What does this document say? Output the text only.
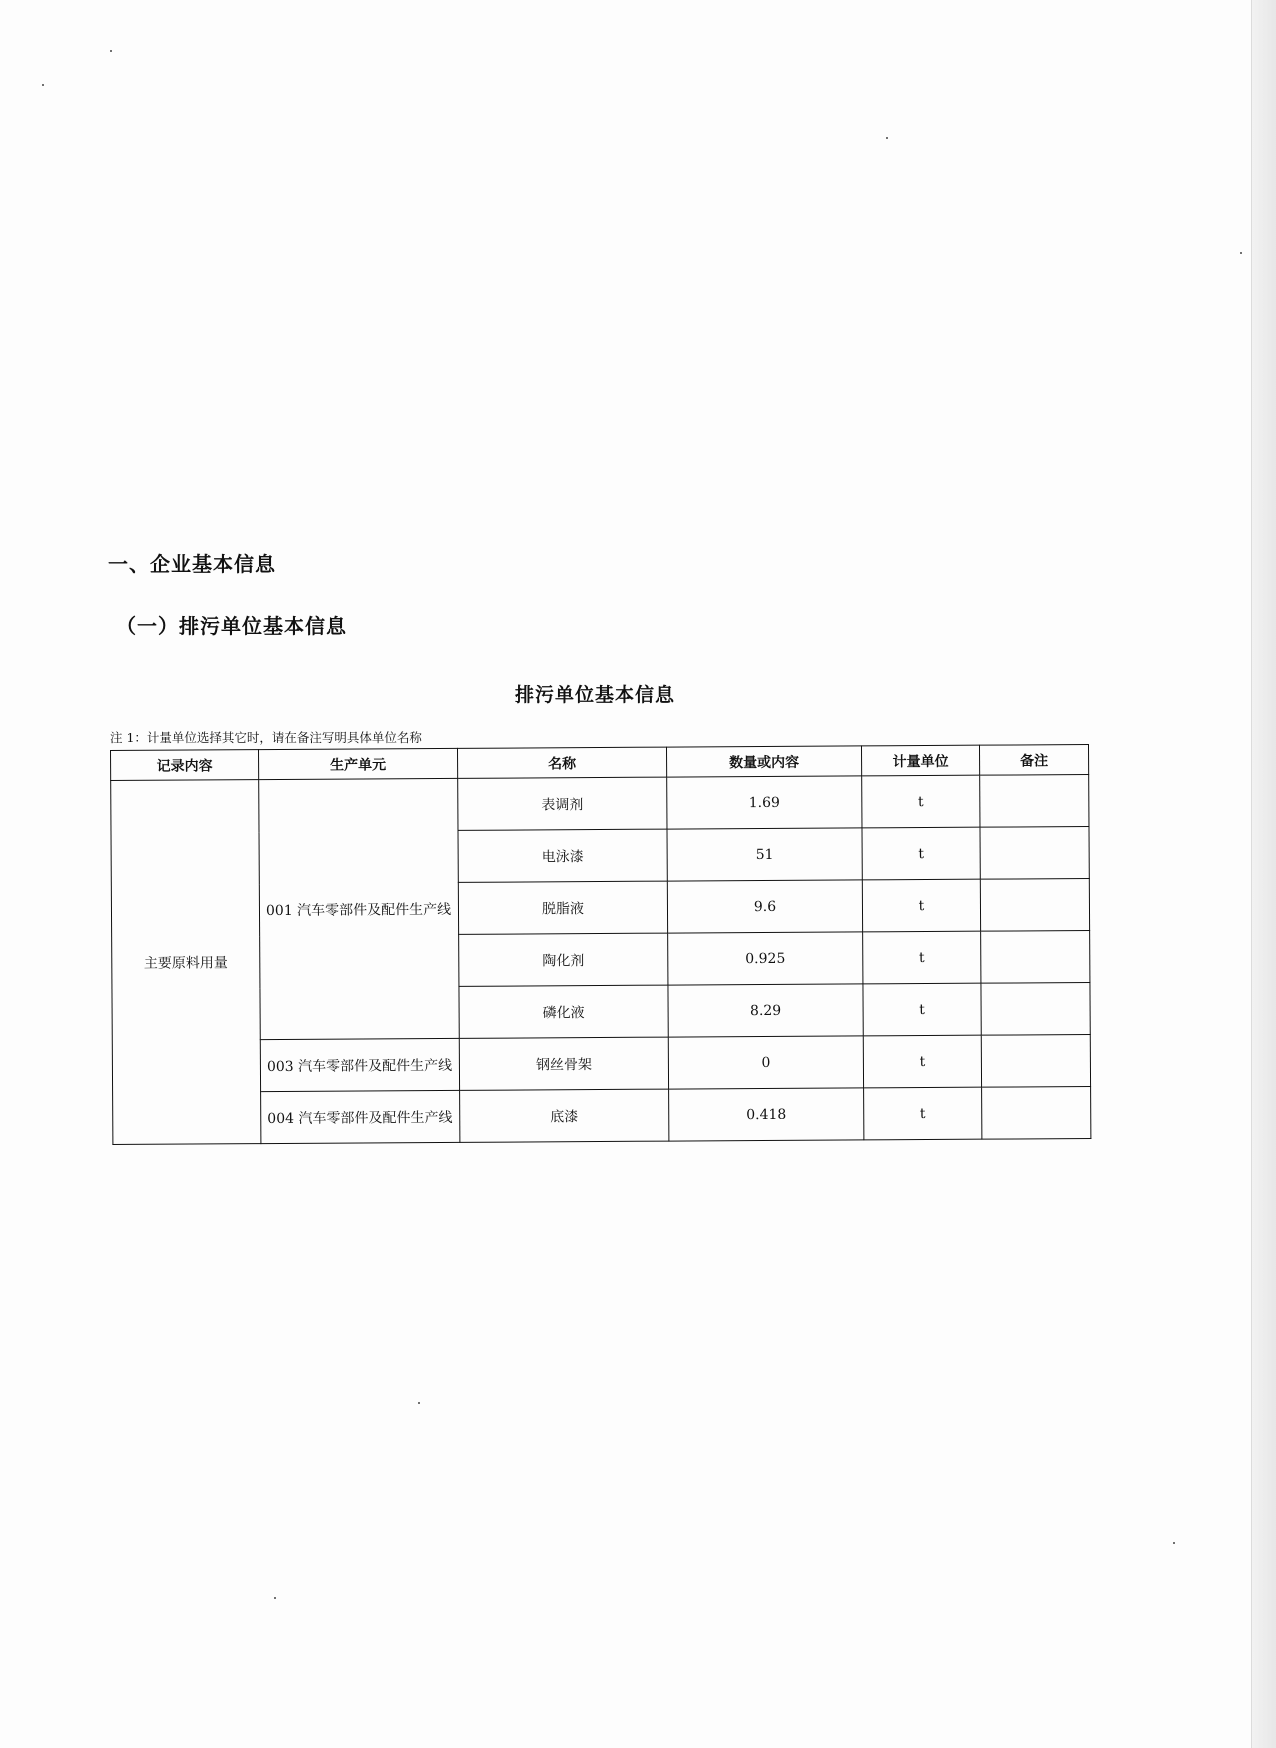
一、企业基本信息
（一）排污单位基本信息
排污单位基本信息
注 1：计量单位选择其它时，请在备注写明具体单位名称
记录内容	生产单元	名称	数量或内容	计量单位	备注
主要原料用量	001 汽车零部件及配件生产线	表调剂	1.69	t	
		电泳漆	51	t	
		脱脂液	9.6	t	
		陶化剂	0.925	t	
		磷化液	8.29	t	
	003 汽车零部件及配件生产线	钢丝骨架	0	t	
	004 汽车零部件及配件生产线	底漆	0.418	t	
